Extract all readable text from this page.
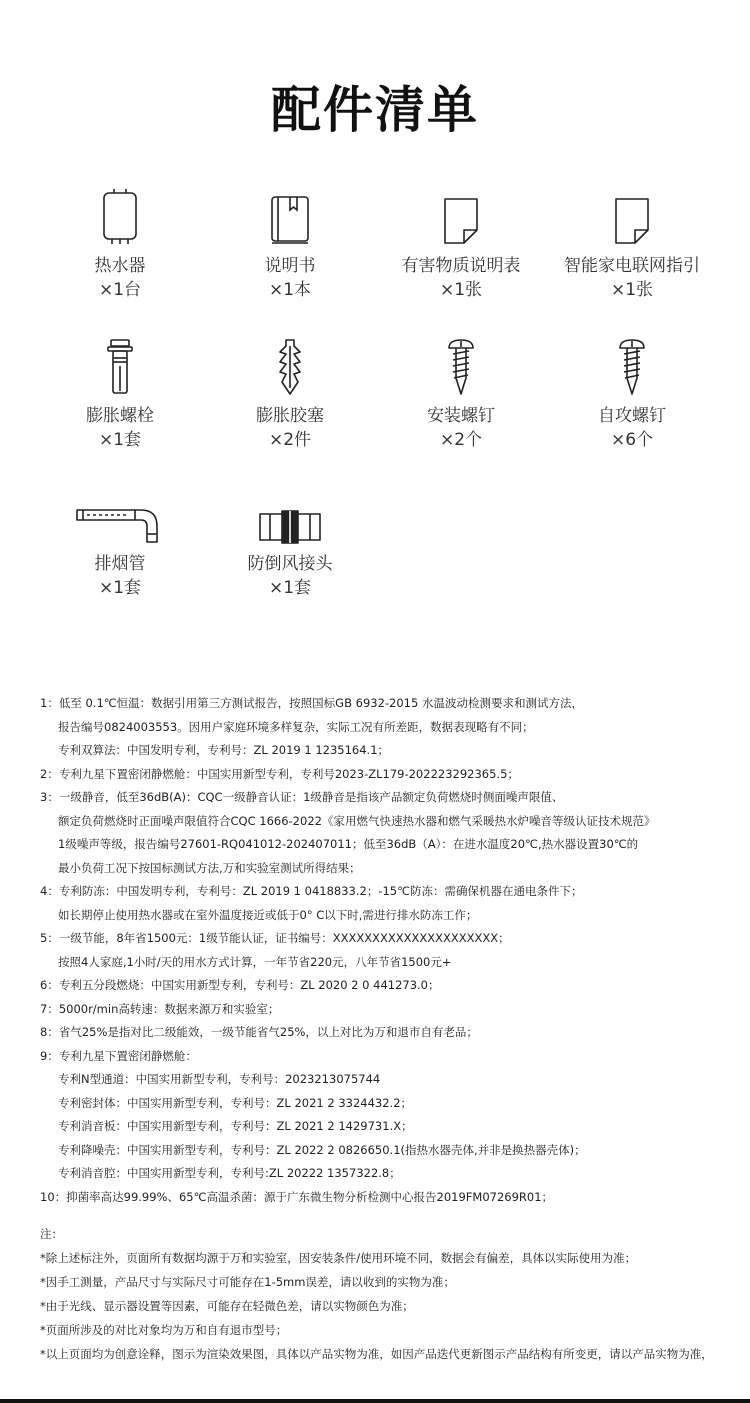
配件清单
热水器
×1台
说明书
×1本
有害物质说明表
×1张
智能家电联网指引
×1张
膨胀螺栓
×1套
膨胀胶塞
×2件
安装螺钉
×2个
自攻螺钉
×6个
排烟管
×1套
防倒风接头
×1套
1：低至 0.1℃恒温：数据引用第三方测试报告，按照国标GB 6932-2015 水温波动检测要求和测试方法，
报告编号0824003553。因用户家庭环境多样复杂，实际工况有所差距，数据表现略有不同；
专利双算法：中国发明专利，专利号：ZL 2019 1 1235164.1；
2：专利九星下置密闭静燃舱：中国实用新型专利，专利号2023-ZL179-202223292365.5；
3：一级静音，低至36dB(A)：CQC一级静音认证：1级静音是指该产品额定负荷燃烧时侧面噪声限值、
额定负荷燃烧时正面噪声限值符合CQC 1666-2022《家用燃气快速热水器和燃气采暖热水炉噪音等级认证技术规范》
1级噪声等级，报告编号27601-RQ041012-202407011；低至36dB（A）：在进水温度20℃,热水器设置30℃的
最小负荷工况下按国标测试方法,万和实验室测试所得结果；
4：专利防冻：中国发明专利，专利号：ZL 2019 1 0418833.2；-15℃防冻：需确保机器在通电条件下；
如长期停止使用热水器或在室外温度接近或低于0° C以下时,需进行排水防冻工作；
5：一级节能，8年省1500元：1级节能认证，证书编号：XXXXXXXXXXXXXXXXXXXXX；
按照4人家庭,1小时/天的用水方式计算，一年节省220元，八年节省1500元+
6：专利五分段燃烧：中国实用新型专利，专利号：ZL 2020 2 0 441273.0；
7：5000r/min高转速：数据来源万和实验室；
8：省气25%是指对比二级能效，一级节能省气25%，以上对比为万和退市自有老品；
9：专利九星下置密闭静燃舱：
专利N型通道：中国实用新型专利，专利号：2023213075744
专利密封体：中国实用新型专利，专利号：ZL 2021 2 3324432.2；
专利消音板：中国实用新型专利，专利号：ZL 2021 2 1429731.X；
专利降噪壳：中国实用新型专利，专利号：ZL 2022 2 0826650.1(指热水器壳体,并非是换热器壳体)；
专利消音腔：中国实用新型专利，专利号:ZL 20222 1357322.8；
10：抑菌率高达99.99%、65℃高温杀菌：源于广东微生物分析检测中心报告2019FM07269R01；
注：
*除上述标注外，页面所有数据均源于万和实验室，因安装条件/使用环境不同，数据会有偏差，具体以实际使用为准；
*因手工测量，产品尺寸与实际尺寸可能存在1-5mm误差，请以收到的实物为准；
*由于光线、显示器设置等因素，可能存在轻微色差，请以实物颜色为准；
*页面所涉及的对比对象均为万和自有退市型号；
*以上页面均为创意诠释，图示为渲染效果图，具体以产品实物为准，如因产品迭代更新图示产品结构有所变更，请以产品实物为准，
